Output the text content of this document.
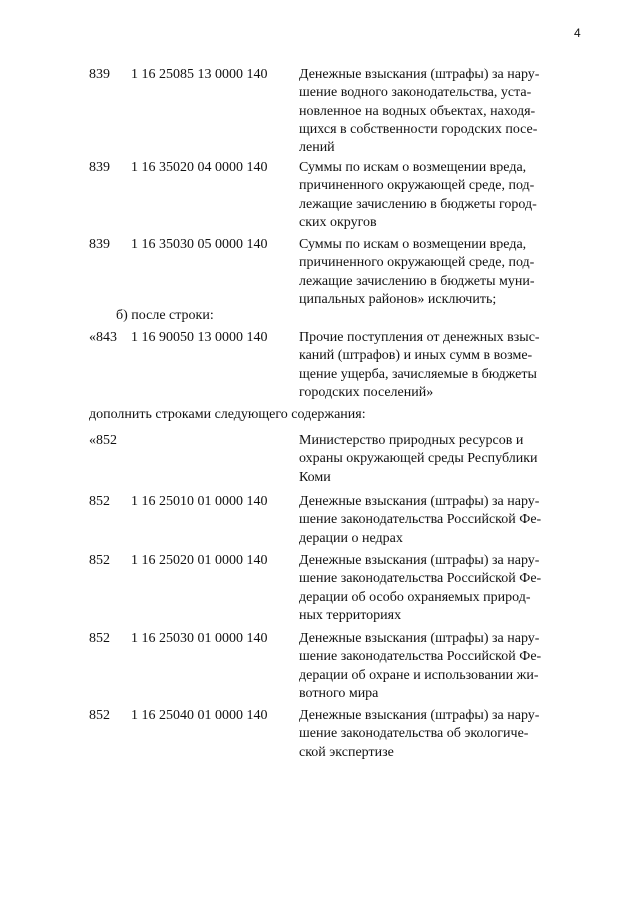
4
839 1 16 25085 13 0000 140 Денежные взыскания (штрафы) за нару-
шение водного законодательства, уста-
новленное на водных объектах, находя-
щихся в собственности городских посе-
лений
839 1 16 35020 04 0000 140 Суммы по искам о возмещении вреда,
причиненного окружающей среде, под-
лежащие зачислению в бюджеты город-
ских округов
839 1 16 35030 05 0000 140 Суммы по искам о возмещении вреда,
причиненного окружающей среде, под-
лежащие зачислению в бюджеты муни-
ципальных районов» исключить;
б) после строки:
«843 1 16 90050 13 0000 140 Прочие поступления от денежных взыс-
каний (штрафов) и иных сумм в возме-
щение ущерба, зачисляемые в бюджеты
городских поселений»
дополнить строками следующего содержания:
«852	Министерство природных ресурсов и
охраны окружающей среды Республики
Коми
852 1 16 25010 01 0000 140 Денежные взыскания (штрафы) за нару-
шение законодательства Российской Фе-
дерации о недрах
852 1 16 25020 01 0000 140 Денежные взыскания (штрафы) за нару-
шение законодательства Российской Фе-
дерации об особо охраняемых природ-
ных территориях
852 1 16 25030 01 0000 140 Денежные взыскания (штрафы) за нару-
шение законодательства Российской Фе-
дерации об охране и использовании жи-
вотного мира
852 1 16 25040 01 0000 140 Денежные взыскания (штрафы) за нару-
шение законодательства об экологиче-
ской экспертизе
